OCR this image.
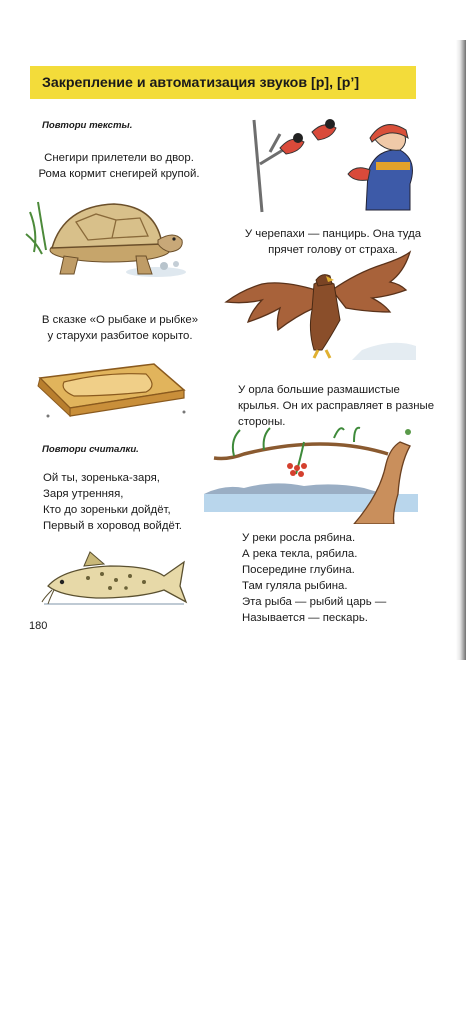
Закрепление и автоматизация звуков [р], [р’]
Повтори тексты.
Снегири прилетели во двор.
Рома кормит снегирей крупой.
В сказке «О рыбаке и рыбке»
у старухи разбитое корыто.
Повтори считалки.
Ой ты, зоренька-заря,
Заря утренняя,
Кто до зореньки дойдёт,
Первый в хоровод войдёт.
180
У черепахи — панцирь. Она туда
прячет голову от страха.
У орла большие размашистые
крылья. Он их расправляет в разные
стороны.
У реки росла рябина.
А река текла, рябила.
Посередине глубина.
Там гуляла рыбина.
Эта рыба — рыбий царь —
Называется — пескарь.
